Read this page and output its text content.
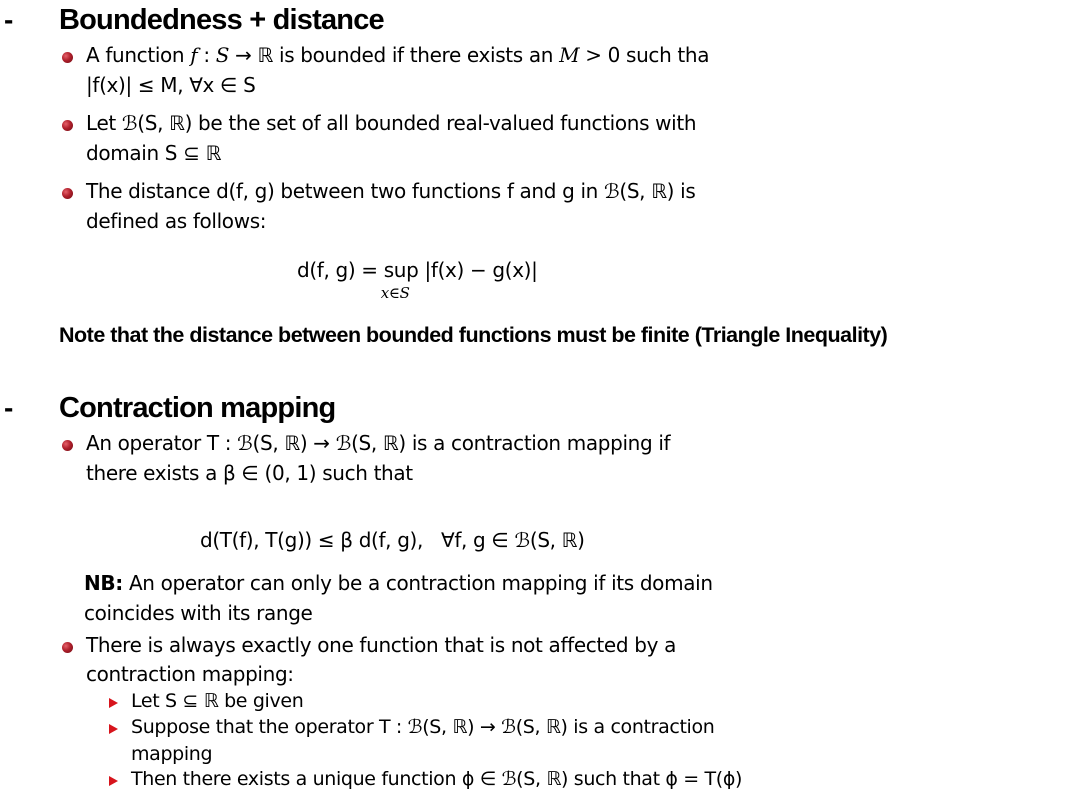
- Boundedness + distance
A function f : S → ℝ is bounded if there exists an M > 0 such tha
|f(x)| ≤ M, ∀x ∈ S
Let ℬ(S, ℝ) be the set of all bounded real-valued functions with
domain S ⊆ ℝ
The distance d(f, g) between two functions f and g in ℬ(S, ℝ) is
defined as follows:
d(f, g) = sup
x∈S
|f(x) − g(x)|
Note that the distance between bounded functions must be finite (Triangle Inequality)
- Contraction mapping
An operator T : ℬ(S, ℝ) → ℬ(S, ℝ) is a contraction mapping if
there exists a β ∈ (0, 1) such that
d(T(f), T(g)) ≤ β d(f, g),   ∀f, g ∈ ℬ(S, ℝ)
NB: An operator can only be a contraction mapping if its domain
coincides with its range
There is always exactly one function that is not affected by a
contraction mapping:
Let S ⊆ ℝ be given
Suppose that the operator T : ℬ(S, ℝ) → ℬ(S, ℝ) is a contraction
mapping
Then there exists a unique function ϕ ∈ ℬ(S, ℝ) such that ϕ = T(ϕ)
